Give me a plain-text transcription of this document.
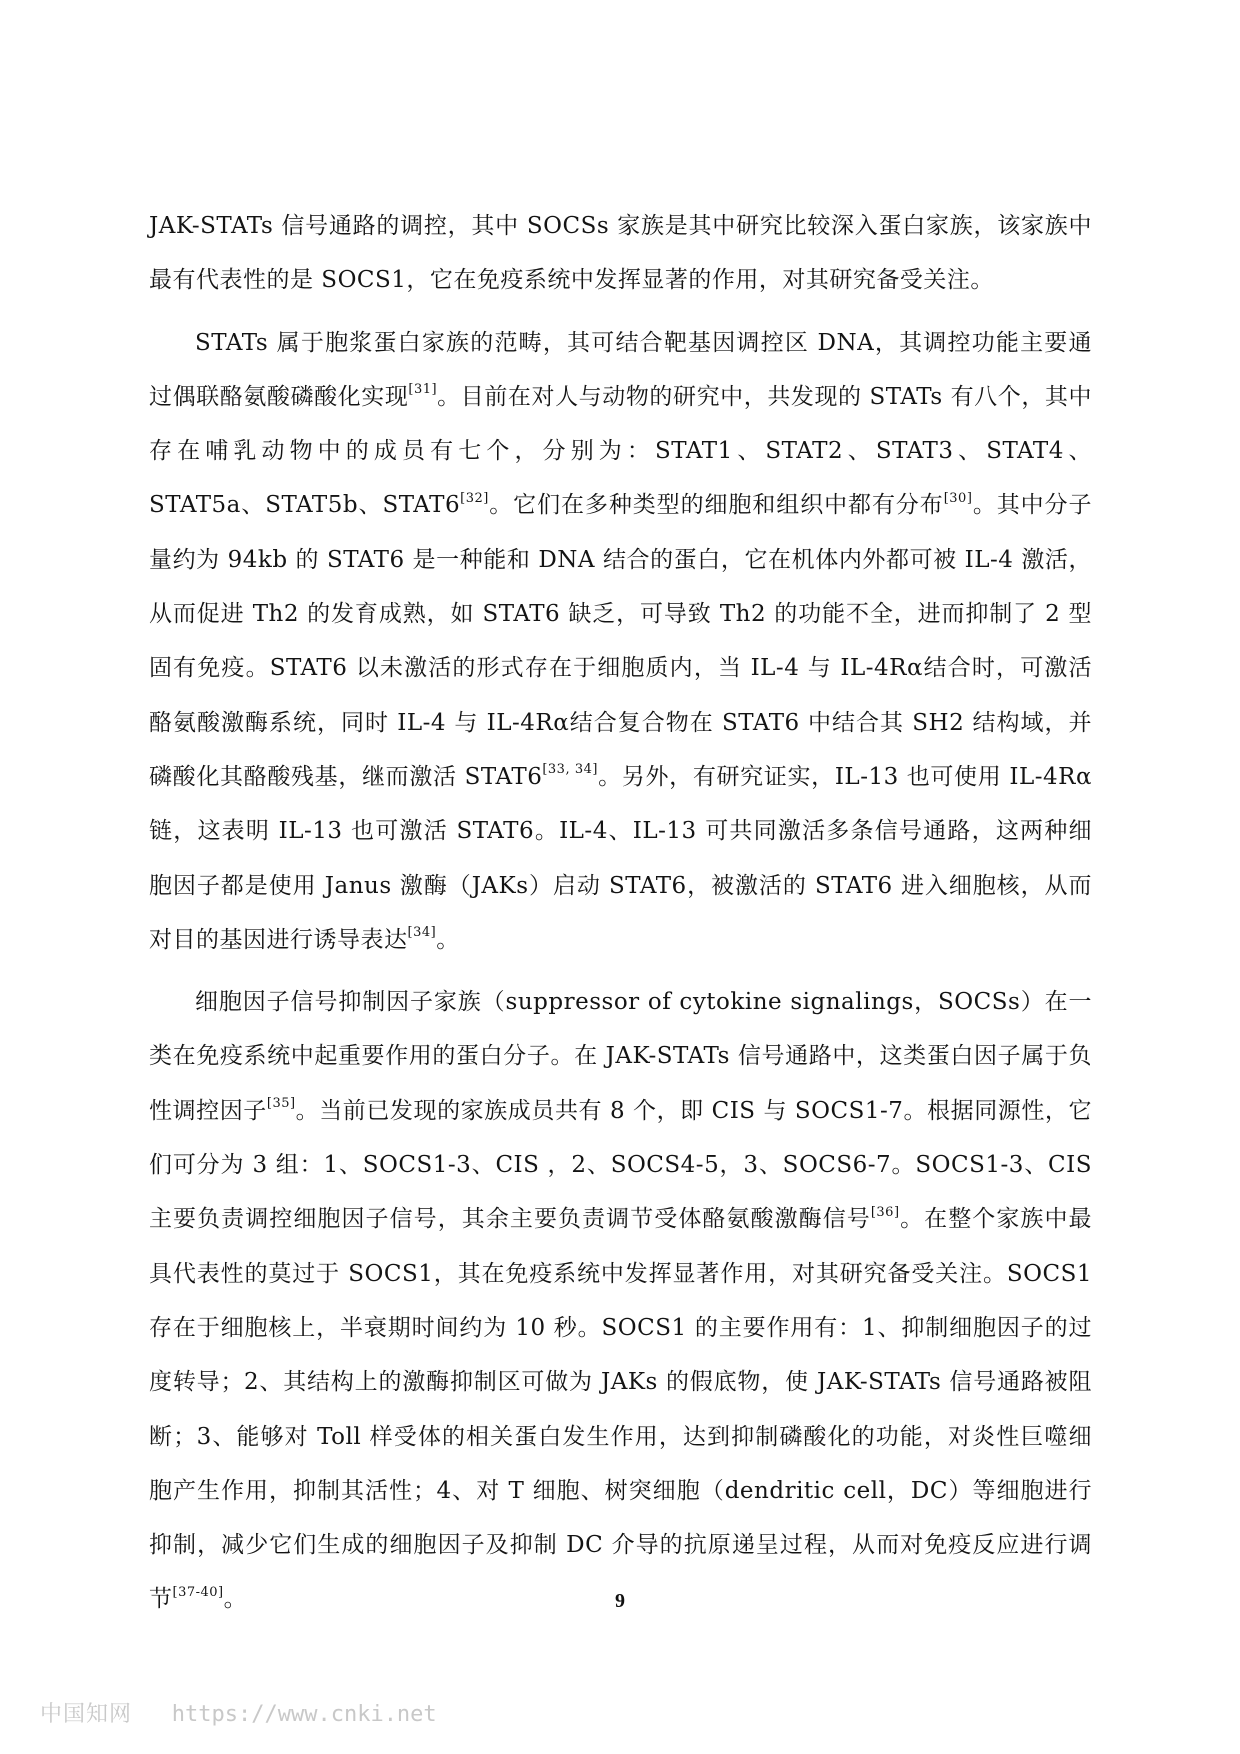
JAK-STATs 信号通路的调控，其中 SOCSs 家族是其中研究比较深入蛋白家族，该家族中最有代表性的是 SOCS1，它在免疫系统中发挥显著的作用，对其研究备受关注。

STATs 属于胞浆蛋白家族的范畴，其可结合靶基因调控区 DNA，其调控功能主要通过偶联酪氨酸磷酸化实现[31]。目前在对人与动物的研究中，共发现的 STATs 有八个，其中存在哺乳动物中的成员有七个，分别为：STAT1、STAT2、STAT3、STAT4、STAT5a、STAT5b、STAT6[32]。它们在多种类型的细胞和组织中都有分布[30]。其中分子量约为 94kb 的 STAT6 是一种能和 DNA 结合的蛋白，它在机体内外都可被 IL-4 激活，从而促进 Th2 的发育成熟，如 STAT6 缺乏，可导致 Th2 的功能不全，进而抑制了 2 型固有免疫。STAT6 以未激活的形式存在于细胞质内，当 IL-4 与 IL-4Rα结合时，可激活酪氨酸激酶系统，同时 IL-4 与 IL-4Rα结合复合物在 STAT6 中结合其 SH2 结构域，并磷酸化其酪酸残基，继而激活 STAT6[33, 34]。另外，有研究证实，IL-13 也可使用 IL-4Rα链，这表明 IL-13 也可激活 STAT6。IL-4、IL-13 可共同激活多条信号通路，这两种细胞因子都是使用 Janus 激酶（JAKs）启动 STAT6，被激活的 STAT6 进入细胞核，从而对目的基因进行诱导表达[34]。

细胞因子信号抑制因子家族（suppressor of cytokine signalings，SOCSs）在一类在免疫系统中起重要作用的蛋白分子。在 JAK-STATs 信号通路中，这类蛋白因子属于负性调控因子[35]。当前已发现的家族成员共有 8 个，即 CIS 与 SOCS1-7。根据同源性，它们可分为 3 组：1、SOCS1-3、CIS ，2、SOCS4-5，3、SOCS6-7。SOCS1-3、CIS 主要负责调控细胞因子信号，其余主要负责调节受体酪氨酸激酶信号[36]。在整个家族中最具代表性的莫过于 SOCS1，其在免疫系统中发挥显著作用，对其研究备受关注。SOCS1 存在于细胞核上，半衰期时间约为 10 秒。SOCS1 的主要作用有：1、抑制细胞因子的过度转导；2、其结构上的激酶抑制区可做为 JAKs 的假底物，使 JAK-STATs 信号通路被阻断；3、能够对 Toll 样受体的相关蛋白发生作用，达到抑制磷酸化的功能，对炎性巨噬细胞产生作用，抑制其活性；4、对 T 细胞、树突细胞（dendritic cell，DC）等细胞进行抑制，减少它们生成的细胞因子及抑制 DC 介导的抗原递呈过程，从而对免疫反应进行调节[37-40]。	9
中国知网 https://www.cnki.net
